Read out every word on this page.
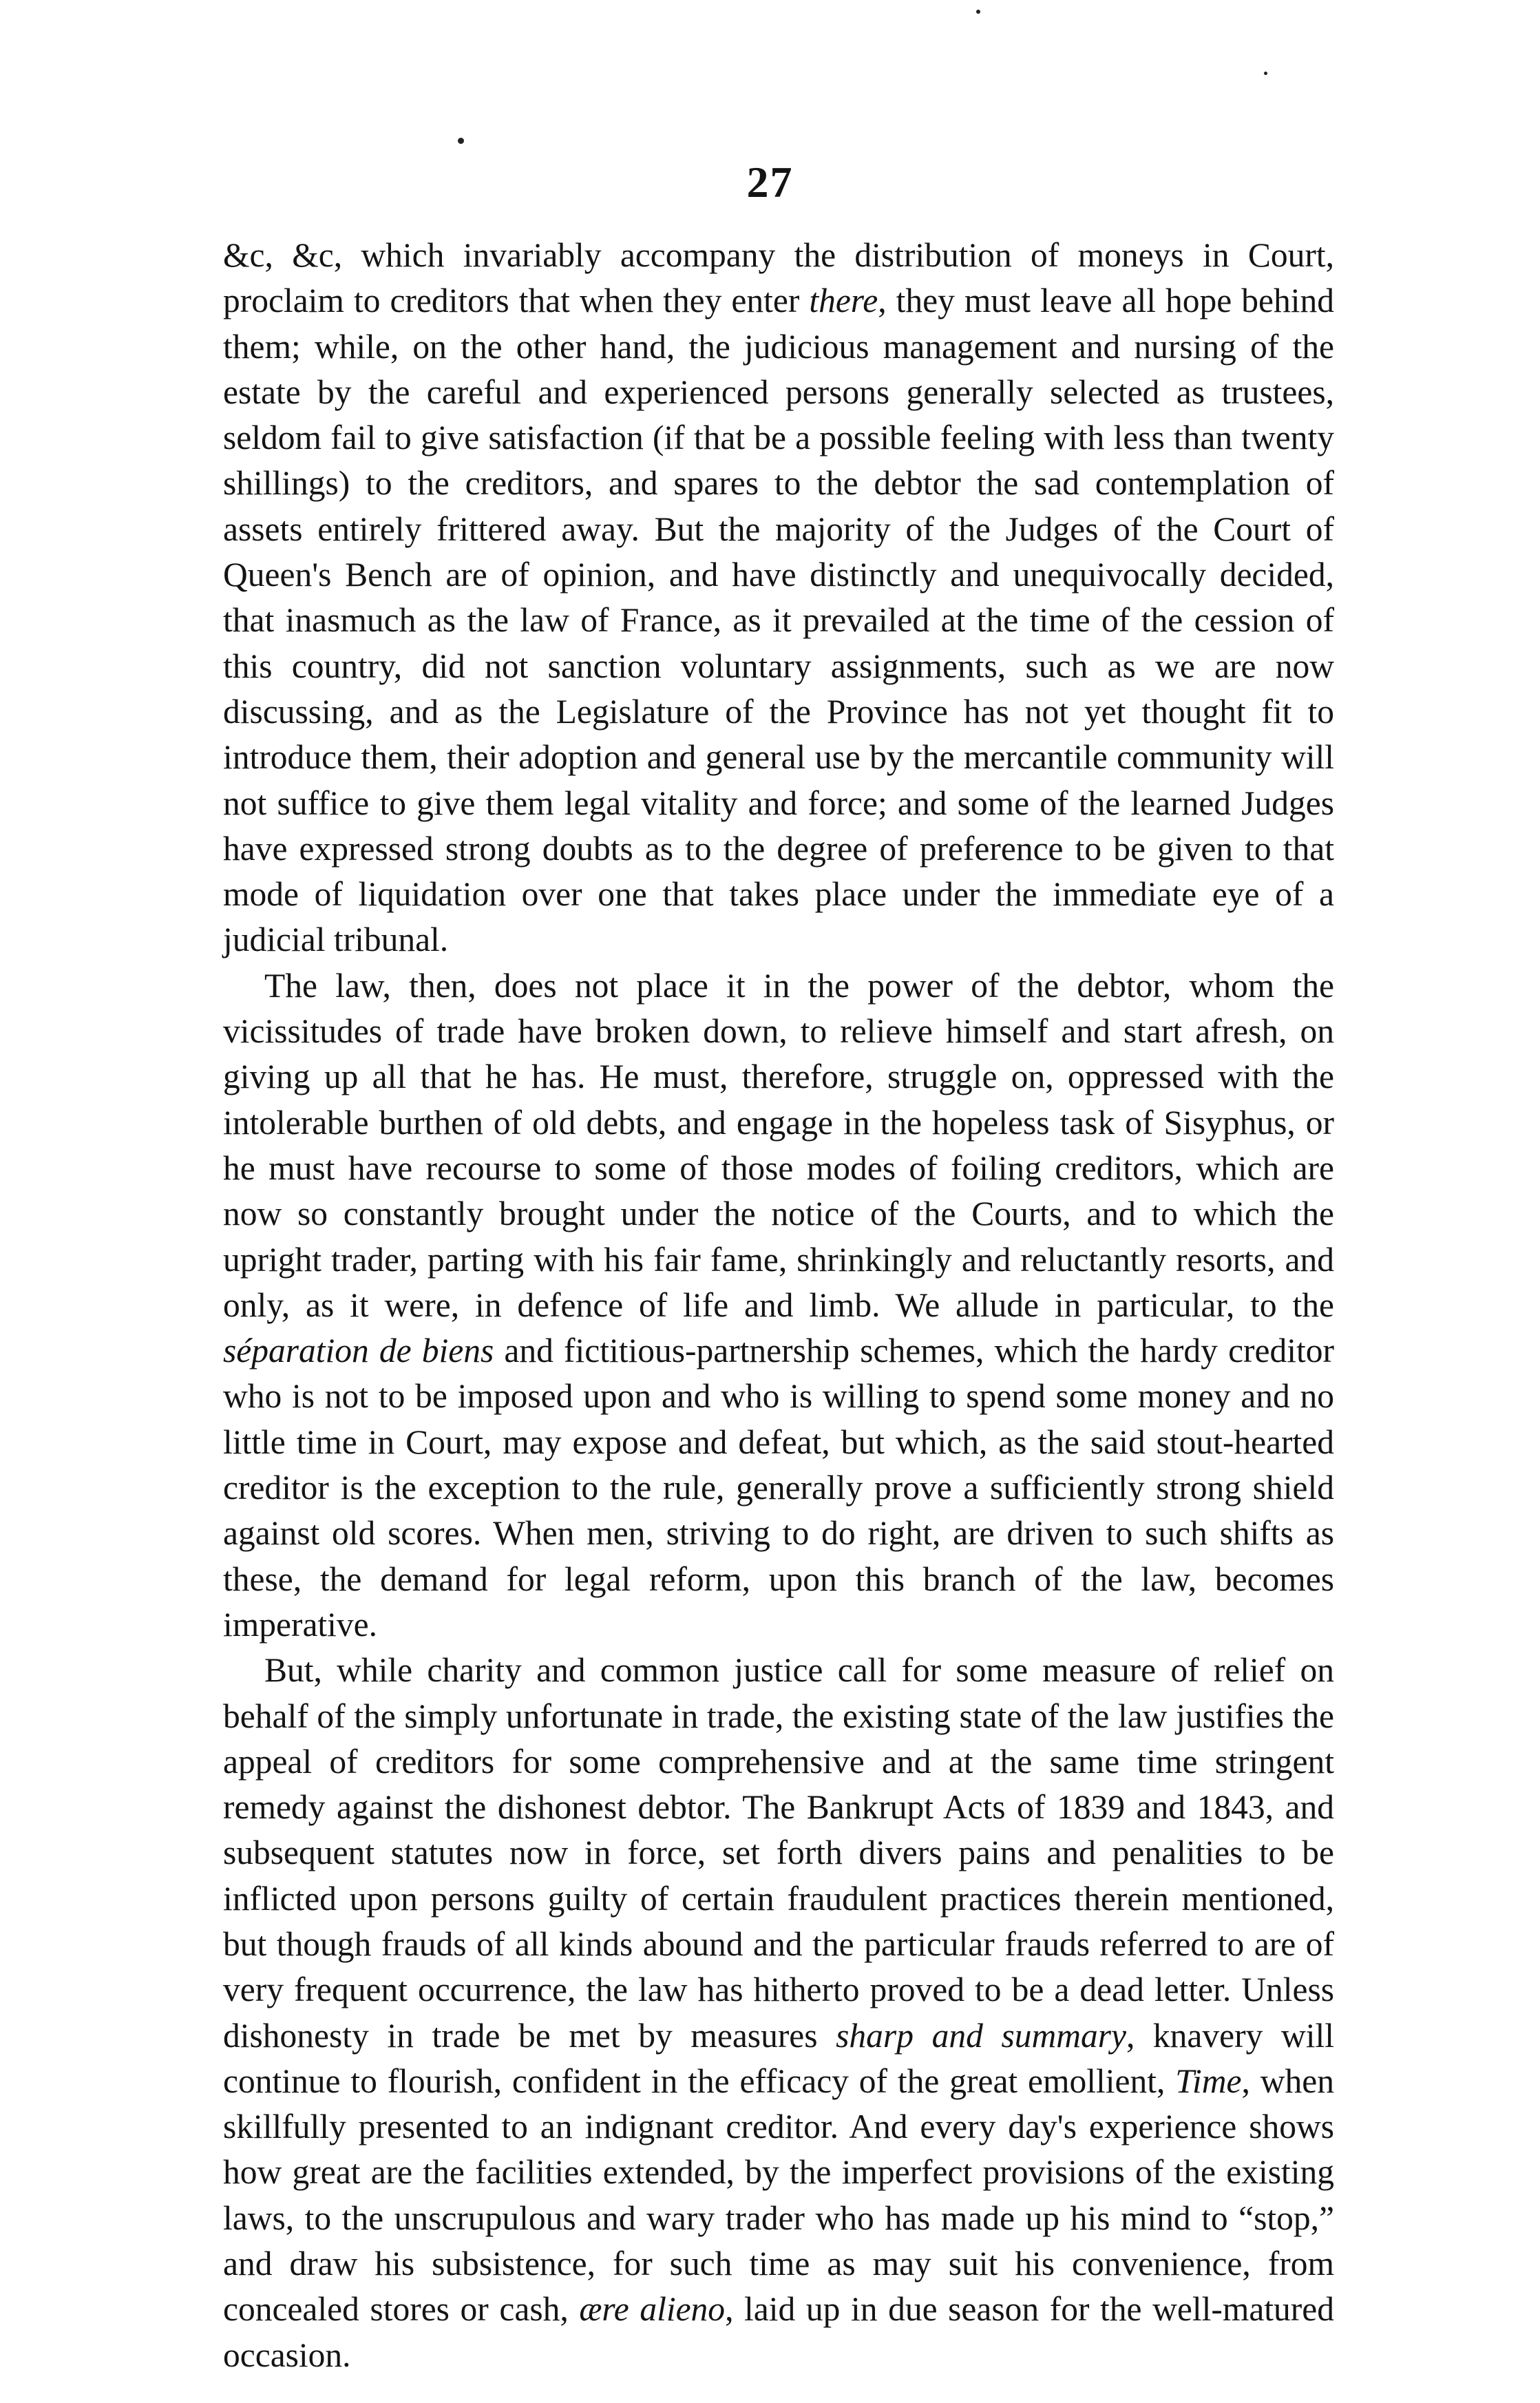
27

&c, &c, which invariably accompany the distribution of moneys in Court, proclaim to creditors that when they enter there, they must leave all hope behind them; while, on the other hand, the judicious management and nursing of the estate by the careful and experienced persons generally selected as trustees, seldom fail to give satisfaction (if that be a possible feeling with less than twenty shillings) to the creditors, and spares to the debtor the sad contemplation of assets entirely frittered away. But the majority of the Judges of the Court of Queen's Bench are of opinion, and have distinctly and unequivocally decided, that inasmuch as the law of France, as it prevailed at the time of the cession of this country, did not sanction voluntary assignments, such as we are now discussing, and as the Legislature of the Province has not yet thought fit to introduce them, their adoption and general use by the mercantile community will not suffice to give them legal vitality and force; and some of the learned Judges have expressed strong doubts as to the degree of preference to be given to that mode of liquidation over one that takes place under the immediate eye of a judicial tribunal.

The law, then, does not place it in the power of the debtor, whom the vicissitudes of trade have broken down, to relieve himself and start afresh, on giving up all that he has. He must, therefore, struggle on, oppressed with the intolerable burthen of old debts, and engage in the hopeless task of Sisyphus, or he must have recourse to some of those modes of foiling creditors, which are now so constantly brought under the notice of the Courts, and to which the upright trader, parting with his fair fame, shrinkingly and reluctantly resorts, and only, as it were, in defence of life and limb. We allude in particular, to the séparation de biens and fictitious-partnership schemes, which the hardy creditor who is not to be imposed upon and who is willing to spend some money and no little time in Court, may expose and defeat, but which, as the said stout-hearted creditor is the exception to the rule, generally prove a sufficiently strong shield against old scores. When men, striving to do right, are driven to such shifts as these, the demand for legal reform, upon this branch of the law, becomes imperative.

But, while charity and common justice call for some measure of relief on behalf of the simply unfortunate in trade, the existing state of the law justifies the appeal of creditors for some comprehensive and at the same time stringent remedy against the dishonest debtor. The Bankrupt Acts of 1839 and 1843, and subsequent statutes now in force, set forth divers pains and penalities to be inflicted upon persons guilty of certain fraudulent practices therein mentioned, but though frauds of all kinds abound and the particular frauds referred to are of very frequent occurrence, the law has hitherto proved to be a dead letter. Unless dishonesty in trade be met by measures sharp and summary, knavery will continue to flourish, confident in the efficacy of the great emollient, Time, when skillfully presented to an indignant creditor. And every day's experience shows how great are the facilities extended, by the imperfect provisions of the existing laws, to the unscrupulous and wary trader who has made up his mind to “stop,” and draw his subsistence, for such time as may suit his convenience, from concealed stores or cash, ære alieno, laid up in due season for the well-matured occasion.
